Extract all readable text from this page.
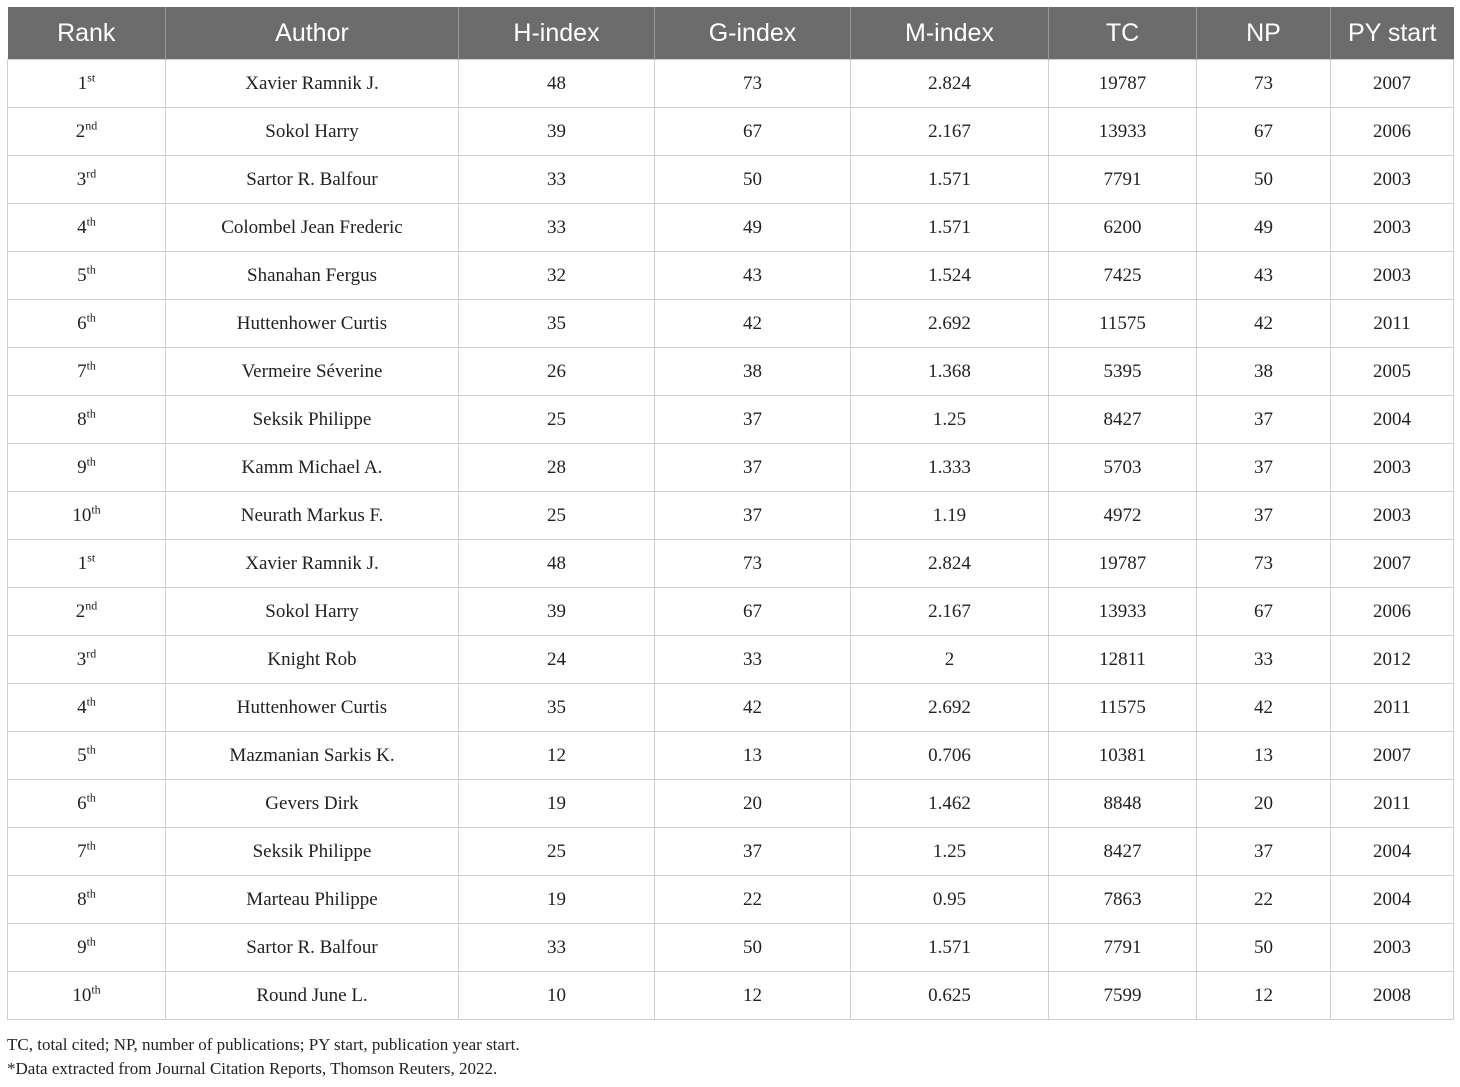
Rank	Author	H-index	G-index	M-index	TC	NP	PY start
1st	Xavier Ramnik J.	48	73	2.824	19787	73	2007
2nd	Sokol Harry	39	67	2.167	13933	67	2006
3rd	Sartor R. Balfour	33	50	1.571	7791	50	2003
4th	Colombel Jean Frederic	33	49	1.571	6200	49	2003
5th	Shanahan Fergus	32	43	1.524	7425	43	2003
6th	Huttenhower Curtis	35	42	2.692	11575	42	2011
7th	Vermeire Séverine	26	38	1.368	5395	38	2005
8th	Seksik Philippe	25	37	1.25	8427	37	2004
9th	Kamm Michael A.	28	37	1.333	5703	37	2003
10th	Neurath Markus F.	25	37	1.19	4972	37	2003
1st	Xavier Ramnik J.	48	73	2.824	19787	73	2007
2nd	Sokol Harry	39	67	2.167	13933	67	2006
3rd	Knight Rob	24	33	2	12811	33	2012
4th	Huttenhower Curtis	35	42	2.692	11575	42	2011
5th	Mazmanian Sarkis K.	12	13	0.706	10381	13	2007
6th	Gevers Dirk	19	20	1.462	8848	20	2011
7th	Seksik Philippe	25	37	1.25	8427	37	2004
8th	Marteau Philippe	19	22	0.95	7863	22	2004
9th	Sartor R. Balfour	33	50	1.571	7791	50	2003
10th	Round June L.	10	12	0.625	7599	12	2008
TC, total cited; NP, number of publications; PY start, publication year start.
*Data extracted from Journal Citation Reports, Thomson Reuters, 2022.
